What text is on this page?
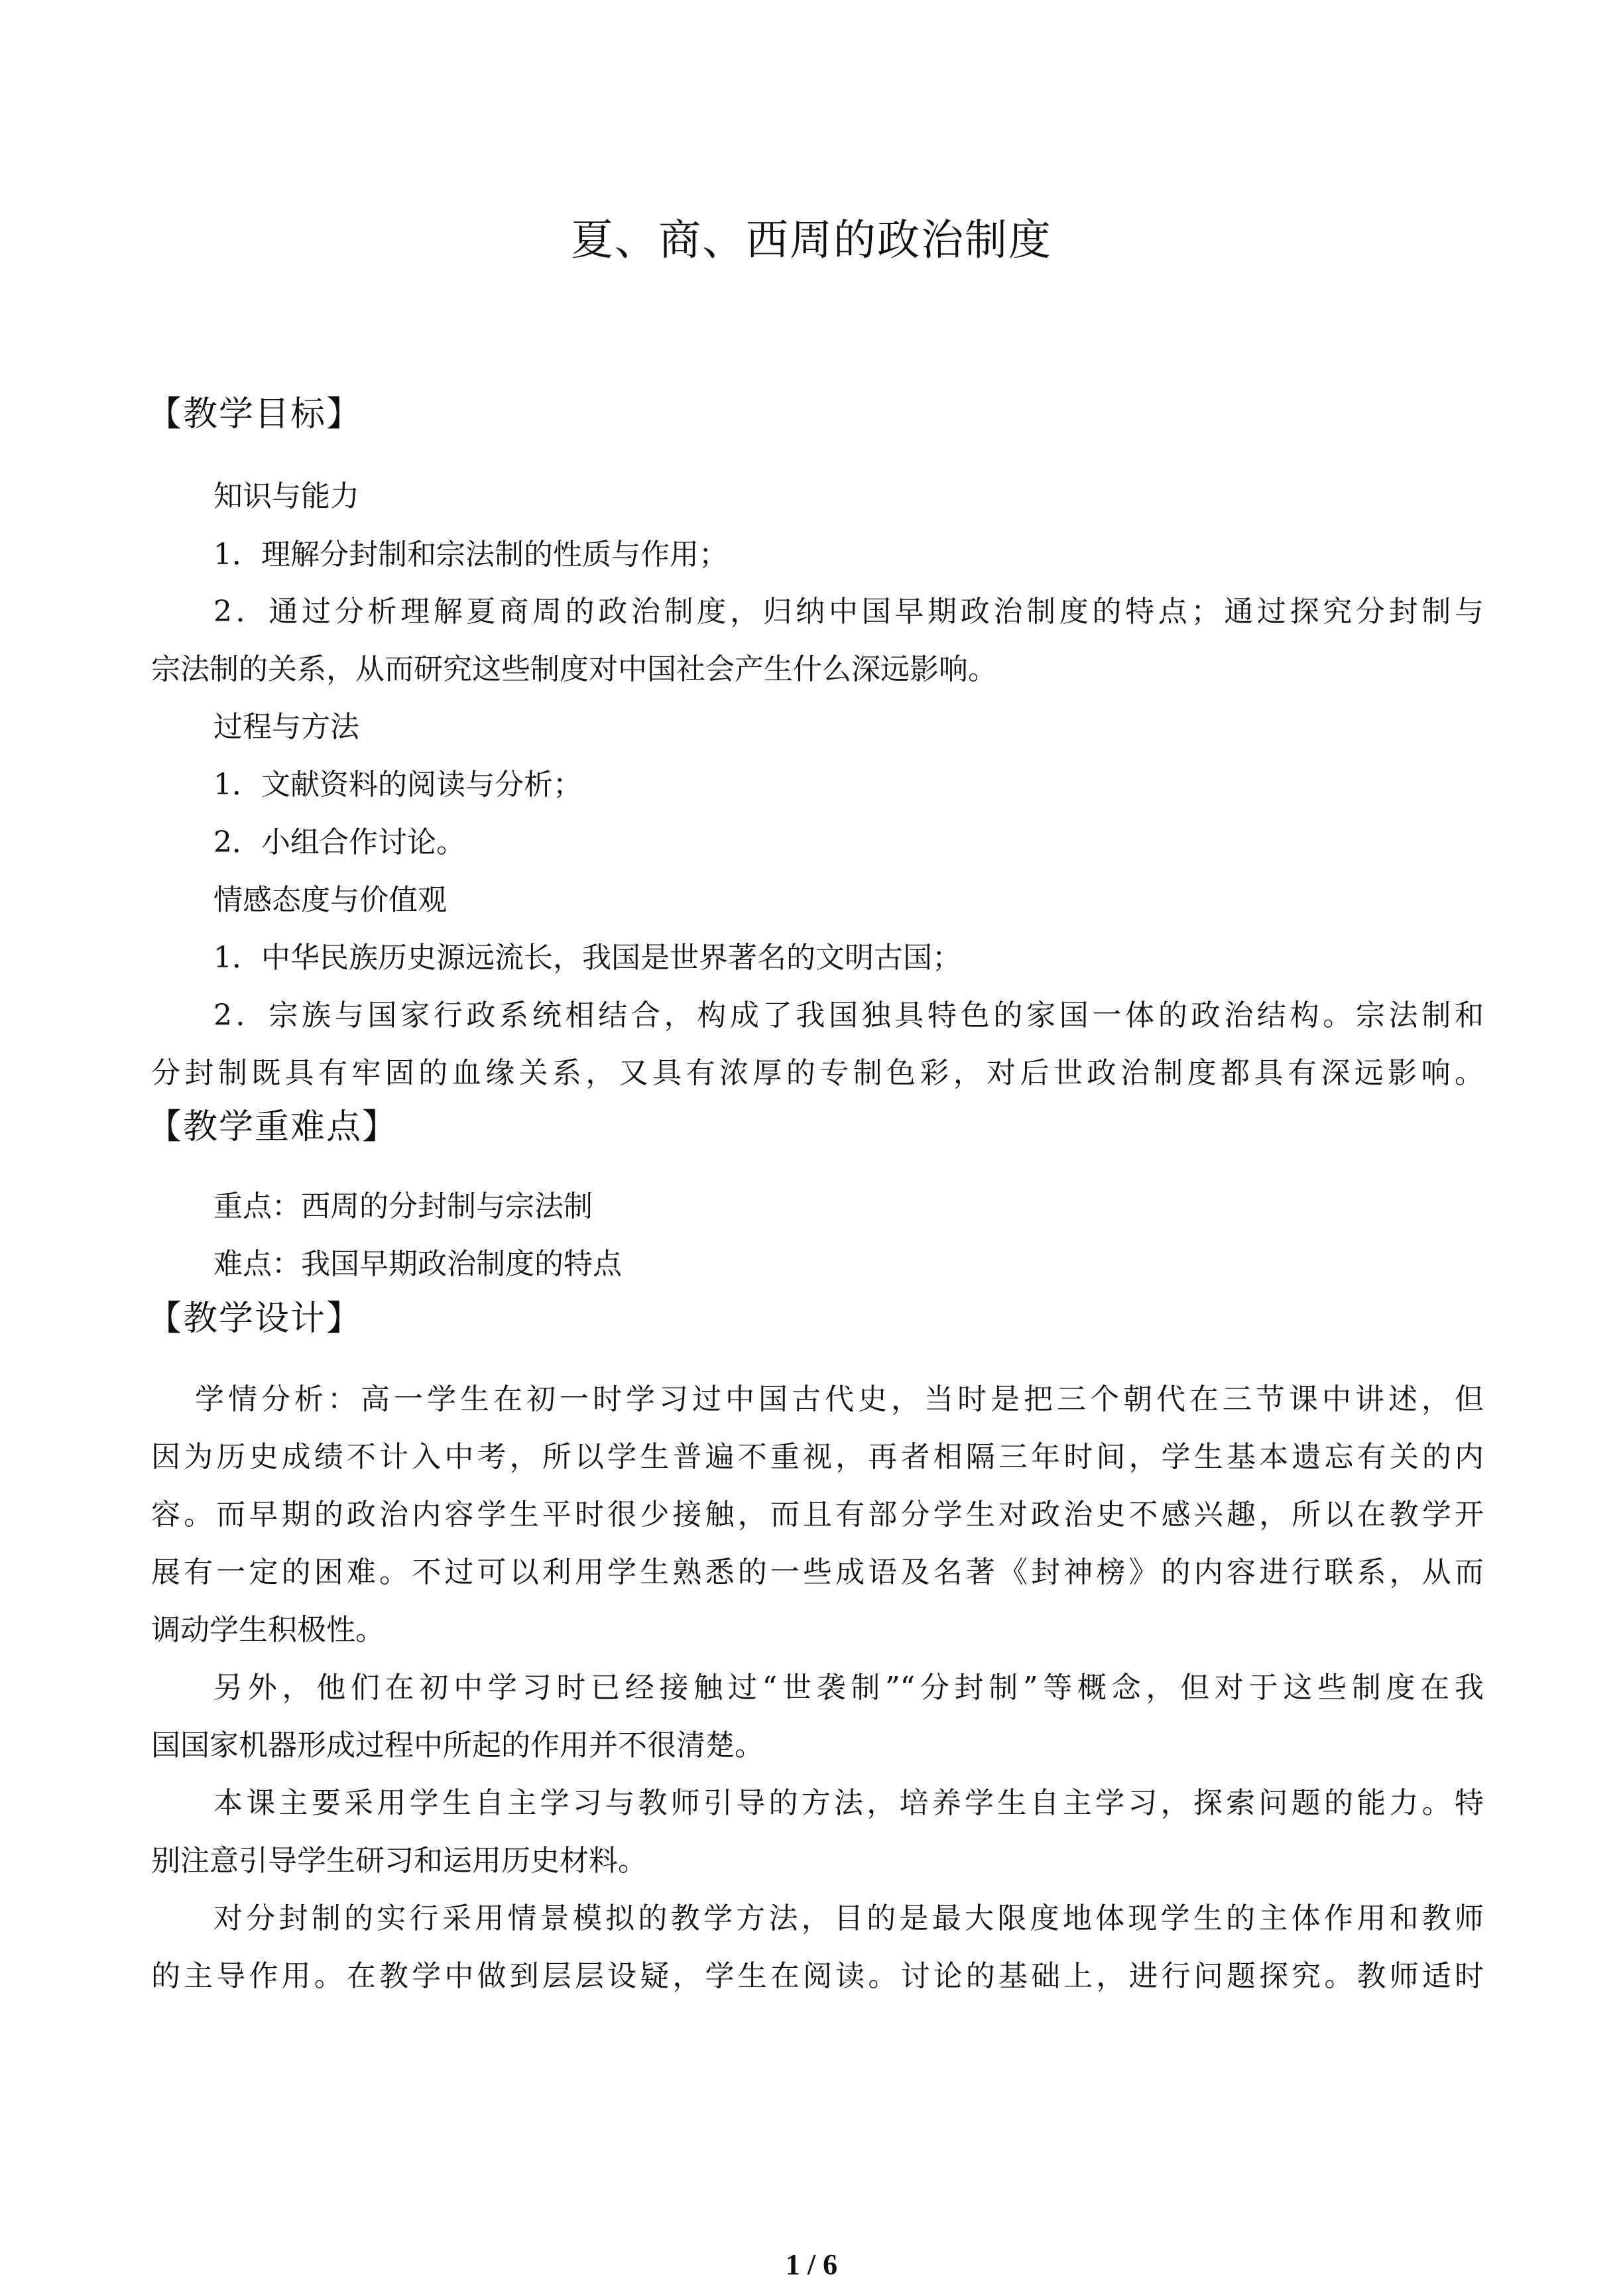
夏、商、西周的政治制度
【教学目标】
知识与能力
1．理解分封制和宗法制的性质与作用；
2．通过分析理解夏商周的政治制度，归纳中国早期政治制度的特点；通过探究分封制与
宗法制的关系，从而研究这些制度对中国社会产生什么深远影响。
过程与方法
1．文献资料的阅读与分析；
2．小组合作讨论。
情感态度与价值观
1．中华民族历史源远流长，我国是世界著名的文明古国；
2．宗族与国家行政系统相结合，构成了我国独具特色的家国一体的政治结构。宗法制和
分封制既具有牢固的血缘关系，又具有浓厚的专制色彩，对后世政治制度都具有深远影响。
【教学重难点】
重点：西周的分封制与宗法制
难点：我国早期政治制度的特点
【教学设计】
学情分析：高一学生在初一时学习过中国古代史，当时是把三个朝代在三节课中讲述，但
因为历史成绩不计入中考，所以学生普遍不重视，再者相隔三年时间，学生基本遗忘有关的内
容。而早期的政治内容学生平时很少接触，而且有部分学生对政治史不感兴趣，所以在教学开
展有一定的困难。不过可以利用学生熟悉的一些成语及名著《封神榜》的内容进行联系，从而
调动学生积极性。
另外，他们在初中学习时已经接触过“世袭制”“分封制”等概念，但对于这些制度在我
国国家机器形成过程中所起的作用并不很清楚。
本课主要采用学生自主学习与教师引导的方法，培养学生自主学习，探索问题的能力。特
别注意引导学生研习和运用历史材料。
对分封制的实行采用情景模拟的教学方法，目的是最大限度地体现学生的主体作用和教师
的主导作用。在教学中做到层层设疑，学生在阅读。讨论的基础上，进行问题探究。教师适时
1 / 6
